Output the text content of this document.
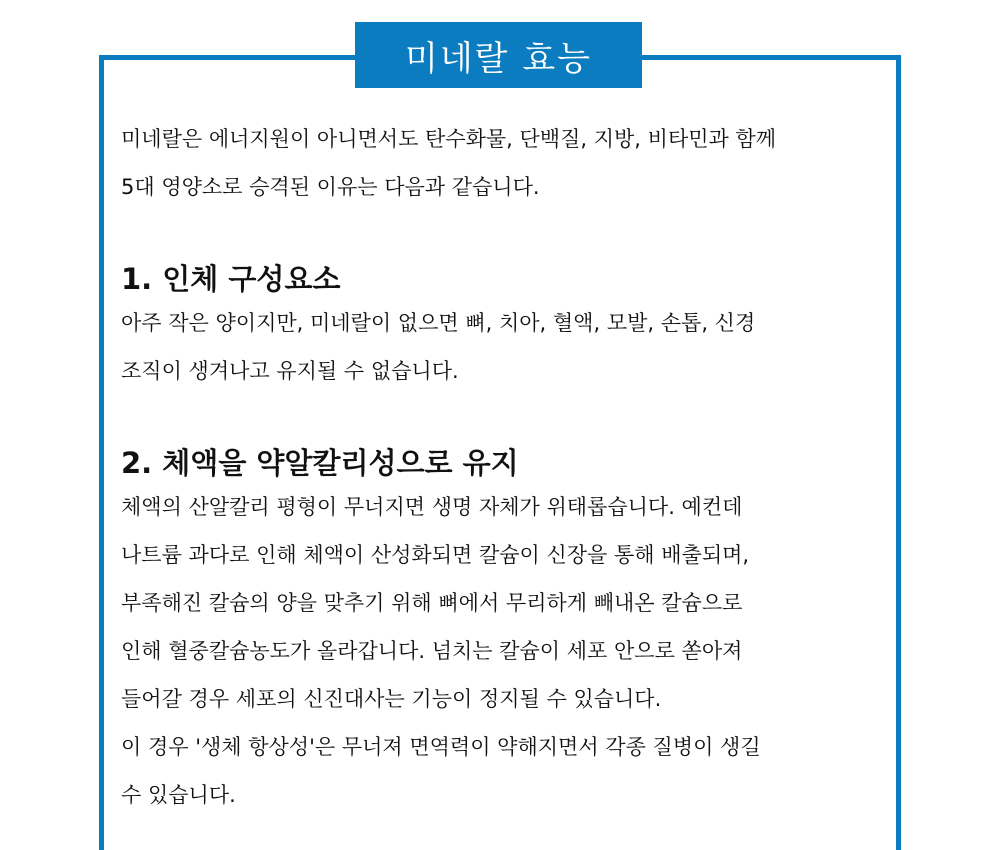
미네랄 효능

미네랄은 에너지원이 아니면서도 탄수화물, 단백질, 지방, 비타민과 함께

5대 영양소로 승격된 이유는 다음과 같습니다.

1. 인체 구성요소

아주 작은 양이지만, 미네랄이 없으면 뼈, 치아, 혈액, 모발, 손톱, 신경

조직이 생겨나고 유지될 수 없습니다.

2. 체액을 약알칼리성으로 유지

체액의 산알칼리 평형이 무너지면 생명 자체가 위태롭습니다. 예컨데

나트륨 과다로 인해 체액이 산성화되면 칼슘이 신장을 통해 배출되며,

부족해진 칼슘의 양을 맞추기 위해 뼈에서 무리하게 빼내온 칼슘으로

인해 혈중칼슘농도가 올라갑니다. 넘치는 칼슘이 세포 안으로 쏟아져

들어갈 경우 세포의 신진대사는 기능이 정지될 수 있습니다.

이 경우 '생체 항상성'은 무너져 면역력이 약해지면서 각종 질병이 생길

수 있습니다.
